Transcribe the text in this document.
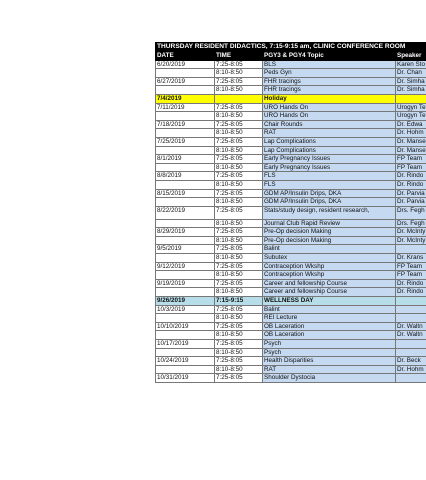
THURSDAY RESIDENT DIDACTICS, 7:15-9:15 am, CLINIC CONFERENCE ROOM			
DATE	TIME	PGY3 & PGY4 Topic	Speaker
6/20/2019	7:25-8:05	BLS	Karen Sto
	8:10-8:50	Peds Gyn	Dr. Chan
6/27/2019	7:25-8:05	FHR tracings	Dr. Simha
	8:10-8:50	FHR tracings	Dr. Simha
7/4/2019		Holiday	
7/11/2019	7:25-8:05	URO Hands On	Urogyn Te
	8:10-8:50	URO Hands On	Urogyn Te
7/18/2019	7:25-8:05	Chair Rounds	Dr. Edwa
	8:10-8:50	RAT	Dr. Hohm
7/25/2019	7:25-8:05	Lap Complications	Dr. Manse
	8:10-8:50	Lap Complications	Dr. Manse
8/1/2019	7:25-8:05	Early Pregnancy Issues	FP Team
	8:10-8:50	Early Pregnancy Issues	FP Team
8/8/2019	7:25-8:05	FLS	Dr. Rindo
	8:10-8:50	FLS	Dr. Rindo
8/15/2019	7:25-8:05	GDM AP/Insulin Drips, DKA	Dr. Parvia
	8:10-8:50	GDM AP/Insulin Drips, DKA	Dr. Parvia
8/22/2019	7:25-8:05	Stats/study design, resident research,	Drs. Fegh
	8:10-8:50	Journal Club Rapid Review	Drs. Fegh
8/29/2019	7:25-8:05	Pre-Op decision Making	Dr. McInty
	8:10-8:50	Pre-Op decision Making	Dr. McInty
9/5/2019	7:25-8:05	Balint	
	8:10-8:50	Subutex	Dr. Krans
9/12/2019	7:25-8:05	Contraception Wkshp	FP Team
	8:10-8:50	Contraception Wkshp	FP Team
9/19/2019	7:25-8:05	Career and fellowship Course	Dr. Rindo
	8:10-8:50	Career and fellowship Course	Dr. Rindo
9/26/2019	7:15-9:15	WELLNESS DAY	
10/3/2019	7:25-8:05	Balint	
	8:10-8:50	REI Lecture	
10/10/2019	7:25-8:05	OB Laceration	Dr. Waltn
	8:10-8:50	OB Laceration	Dr. Waltn
10/17/2019	7:25-8:05	Psych	
	8:10-8:50	Psych	
10/24/2019	7:25-8:05	Health Disparities	Dr. Beck
	8:10-8:50	RAT	Dr. Hohm
10/31/2019	7:25-8:05	Shoulder Dystocia	
